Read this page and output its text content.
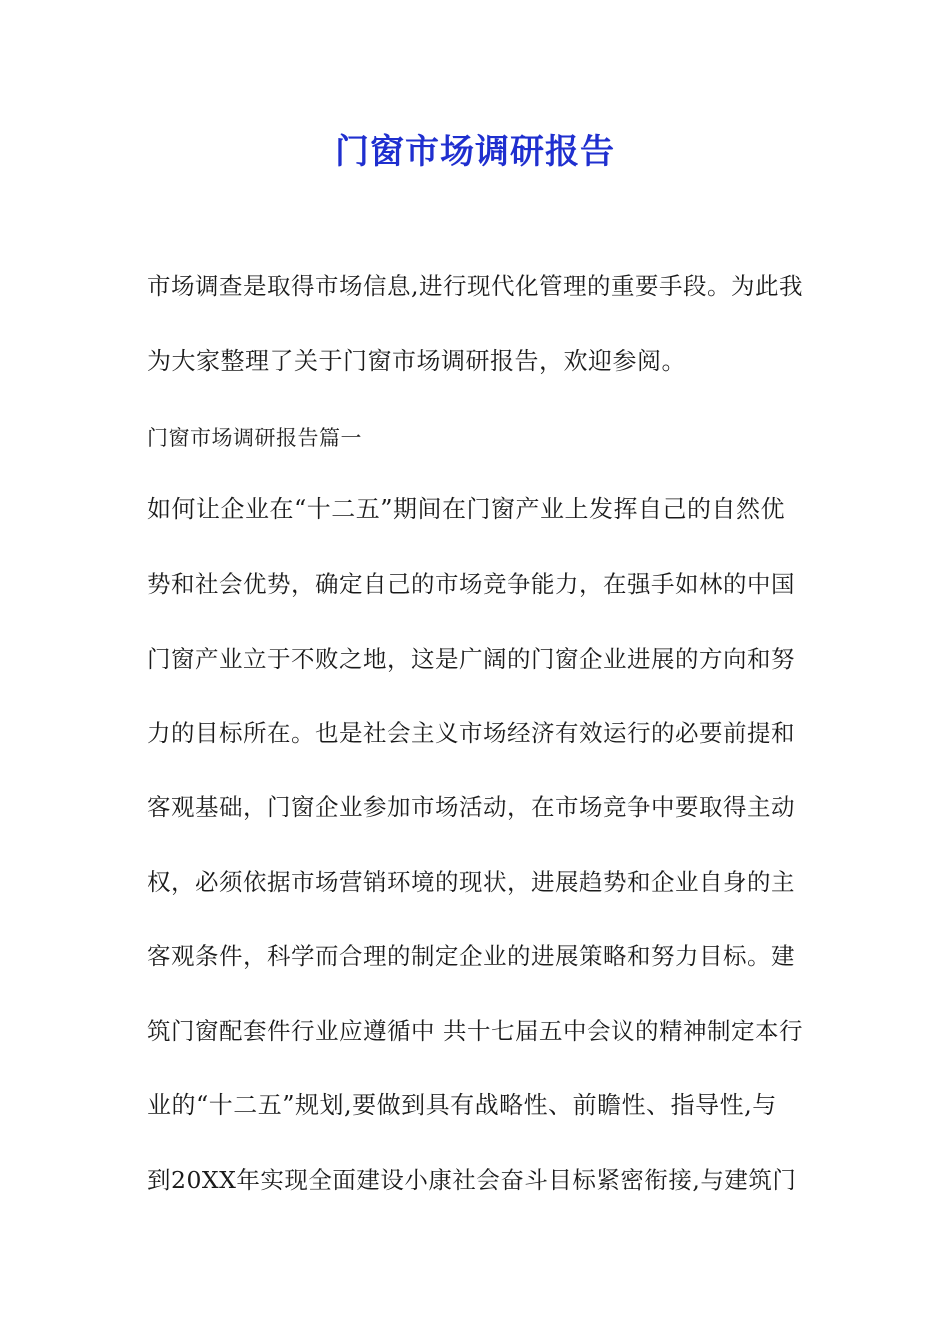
门窗市场调研报告
市场调查是取得市场信息,进行现代化管理的重要手段。为此我
为大家整理了关于门窗市场调研报告，欢迎参阅。
门窗市场调研报告篇一
如何让企业在“十二五”期间在门窗产业上发挥自己的自然优
势和社会优势，确定自己的市场竞争能力，在强手如林的中国
门窗产业立于不败之地，这是广阔的门窗企业进展的方向和努
力的目标所在。也是社会主义市场经济有效运行的必要前提和
客观基础，门窗企业参加市场活动，在市场竞争中要取得主动
权，必须依据市场营销环境的现状，进展趋势和企业自身的主
客观条件，科学而合理的制定企业的进展策略和努力目标。建
筑门窗配套件行业应遵循中 共十七届五中会议的精神制定本行
业的“十二五”规划,要做到具有战略性、前瞻性、指导性,与
到20XX年实现全面建设小康社会奋斗目标紧密衔接,与建筑门
